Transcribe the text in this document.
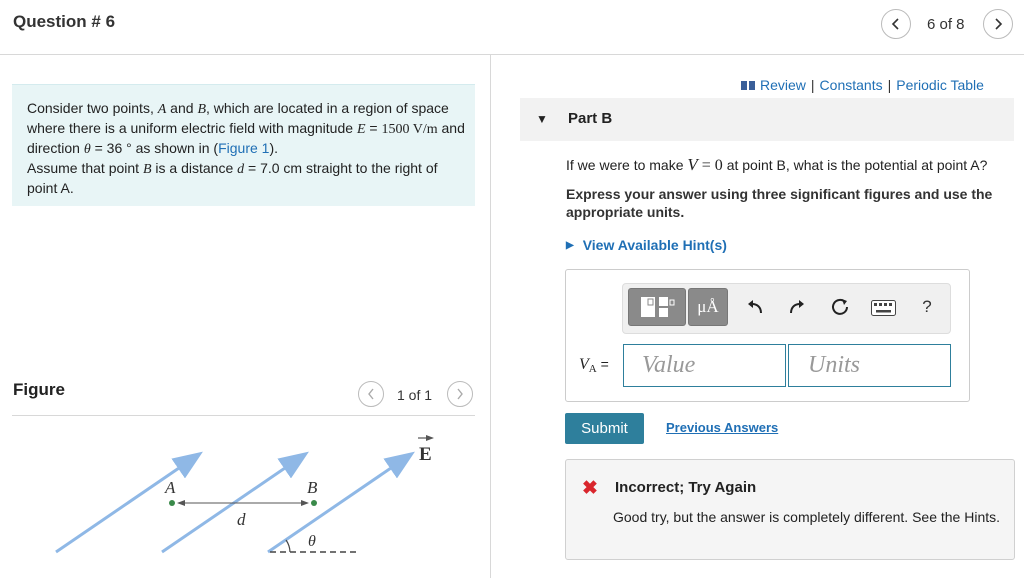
Question # 6	6 of 8
Consider two points, A and B, which are located in a region of space where there is a uniform electric field with magnitude E = 1500 V/m and direction θ = 36 ° as shown in (Figure 1).
Assume that point B is a distance d = 7.0 cm straight to the right of point A.
Figure	1 of 1
A	B
d
θ
E
Review | Constants | Periodic Table
▼ Part B
If we were to make V = 0 at point B, what is the potential at point A?
Express your answer using three significant figures and use the appropriate units.
▶ View Available Hint(s)
μÅ	?
$V_A$ =
Value
Units
Submit	Previous Answers
✖ Incorrect; Try Again
Good try, but the answer is completely different. See the Hints.
